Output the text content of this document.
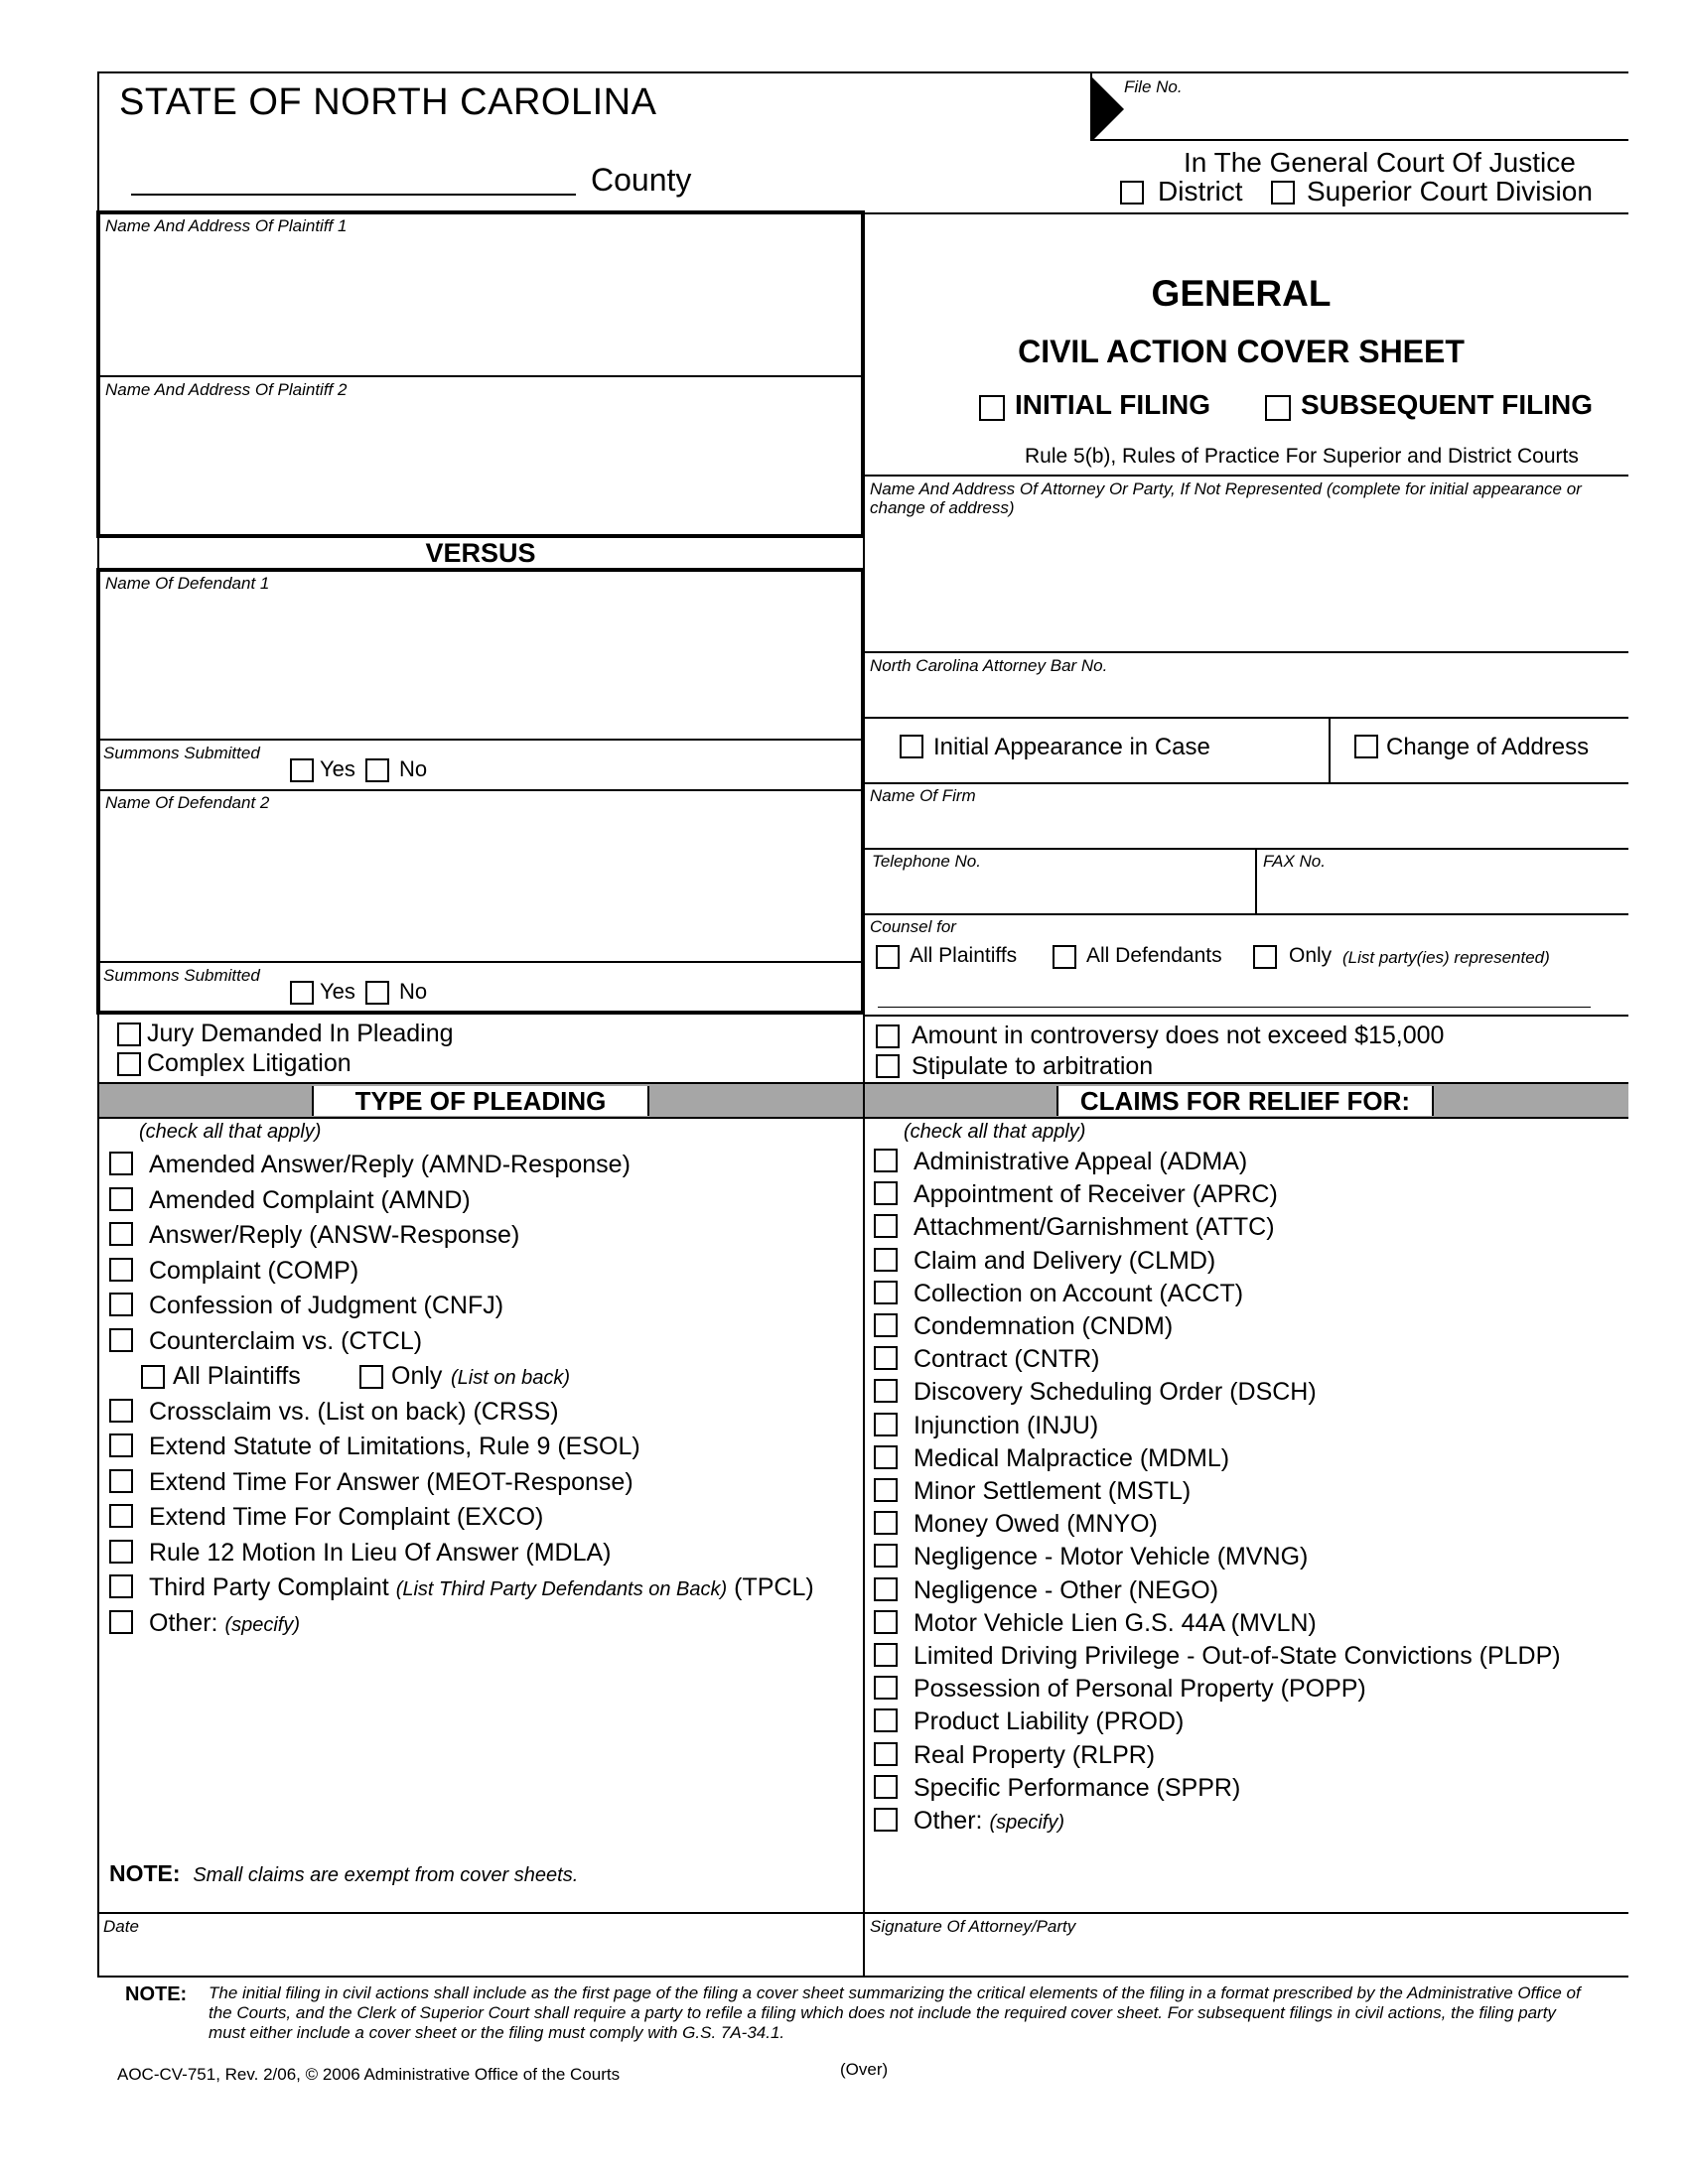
STATE OF NORTH CAROLINA
County
File No.
In The General Court Of Justice
District Superior Court Division
Name And Address Of Plaintiff 1
Name And Address Of Plaintiff 2
VERSUS
Name Of Defendant 1
Summons Submitted
Yes No
Name Of Defendant 2
Summons Submitted
Yes No
GENERAL
CIVIL ACTION COVER SHEET
INITIAL FILING	SUBSEQUENT FILING
Rule 5(b), Rules of Practice For Superior and District Courts
Name And Address Of Attorney Or Party, If Not Represented (complete for initial appearance or change of address)
North Carolina Attorney Bar No.
Initial Appearance in Case	Change of Address
Name Of Firm
Telephone No.	FAX No.
Counsel for
All Plaintiffs	All Defendants	Only (List party(ies) represented)
Jury Demanded In Pleading
Complex Litigation
Amount in controversy does not exceed $15,000
Stipulate to arbitration
TYPE OF PLEADING	CLAIMS FOR RELIEF FOR:
(check all that apply)
Amended Answer/Reply (AMND-Response)
Amended Complaint (AMND)
Answer/Reply (ANSW-Response)
Complaint (COMP)
Confession of Judgment (CNFJ)
Counterclaim vs. (CTCL)
All Plaintiffs	Only (List on back)
Crossclaim vs. (List on back) (CRSS)
Extend Statute of Limitations, Rule 9 (ESOL)
Extend Time For Answer (MEOT-Response)
Extend Time For Complaint (EXCO)
Rule 12 Motion In Lieu Of Answer (MDLA)
Third Party Complaint (List Third Party Defendants on Back) (TPCL)
Other: (specify)
NOTE: Small claims are exempt from cover sheets.
(check all that apply)
Administrative Appeal (ADMA)
Appointment of Receiver (APRC)
Attachment/Garnishment (ATTC)
Claim and Delivery (CLMD)
Collection on Account (ACCT)
Condemnation (CNDM)
Contract (CNTR)
Discovery Scheduling Order (DSCH)
Injunction (INJU)
Medical Malpractice (MDML)
Minor Settlement (MSTL)
Money Owed (MNYO)
Negligence - Motor Vehicle (MVNG)
Negligence - Other (NEGO)
Motor Vehicle Lien G.S. 44A (MVLN)
Limited Driving Privilege - Out-of-State Convictions (PLDP)
Possession of Personal Property (POPP)
Product Liability (PROD)
Real Property (RLPR)
Specific Performance (SPPR)
Other: (specify)
Date	Signature Of Attorney/Party
NOTE: The initial filing in civil actions shall include as the first page of the filing a cover sheet summarizing the critical elements of the filing in a format prescribed by the Administrative Office of the Courts, and the Clerk of Superior Court shall require a party to refile a filing which does not include the required cover sheet. For subsequent filings in civil actions, the filing party must either include a cover sheet or the filing must comply with G.S. 7A-34.1.
AOC-CV-751, Rev. 2/06, © 2006 Administrative Office of the Courts	(Over)
